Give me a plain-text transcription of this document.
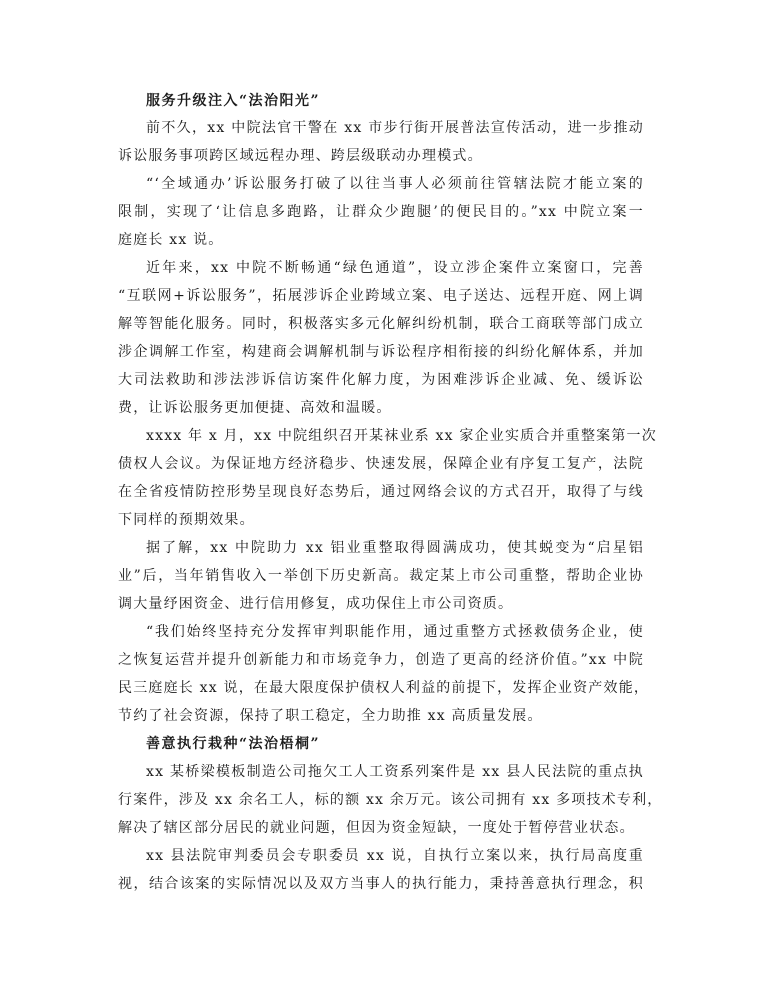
服务升级注入“法治阳光”
前不久，xx 中院法官干警在 xx 市步行街开展普法宣传活动，进一步推动
诉讼服务事项跨区域远程办理、跨层级联动办理模式。
“‘全域通办’诉讼服务打破了以往当事人必须前往管辖法院才能立案的
限制，实现了‘让信息多跑路，让群众少跑腿’的便民目的。”xx 中院立案一
庭庭长 xx 说。
近年来，xx 中院不断畅通“绿色通道”，设立涉企案件立案窗口，完善
“互联网+诉讼服务”，拓展涉诉企业跨域立案、电子送达、远程开庭、网上调
解等智能化服务。同时，积极落实多元化解纠纷机制，联合工商联等部门成立
涉企调解工作室，构建商会调解机制与诉讼程序相衔接的纠纷化解体系，并加
大司法救助和涉法涉诉信访案件化解力度，为困难涉诉企业减、免、缓诉讼
费，让诉讼服务更加便捷、高效和温暖。
xxxx 年 x 月，xx 中院组织召开某袜业系 xx 家企业实质合并重整案第一次
债权人会议。为保证地方经济稳步、快速发展，保障企业有序复工复产，法院
在全省疫情防控形势呈现良好态势后，通过网络会议的方式召开，取得了与线
下同样的预期效果。
据了解，xx 中院助力 xx 铝业重整取得圆满成功，使其蜕变为“启星铝
业”后，当年销售收入一举创下历史新高。裁定某上市公司重整，帮助企业协
调大量纾困资金、进行信用修复，成功保住上市公司资质。
“我们始终坚持充分发挥审判职能作用，通过重整方式拯救债务企业，使
之恢复运营并提升创新能力和市场竞争力，创造了更高的经济价值。”xx 中院
民三庭庭长 xx 说，在最大限度保护债权人利益的前提下，发挥企业资产效能，
节约了社会资源，保持了职工稳定，全力助推 xx 高质量发展。
善意执行栽种“法治梧桐”
xx 某桥梁模板制造公司拖欠工人工资系列案件是 xx 县人民法院的重点执
行案件，涉及 xx 余名工人，标的额 xx 余万元。该公司拥有 xx 多项技术专利，
解决了辖区部分居民的就业问题，但因为资金短缺，一度处于暂停营业状态。
xx 县法院审判委员会专职委员 xx 说，自执行立案以来，执行局高度重
视，结合该案的实际情况以及双方当事人的执行能力，秉持善意执行理念，积
